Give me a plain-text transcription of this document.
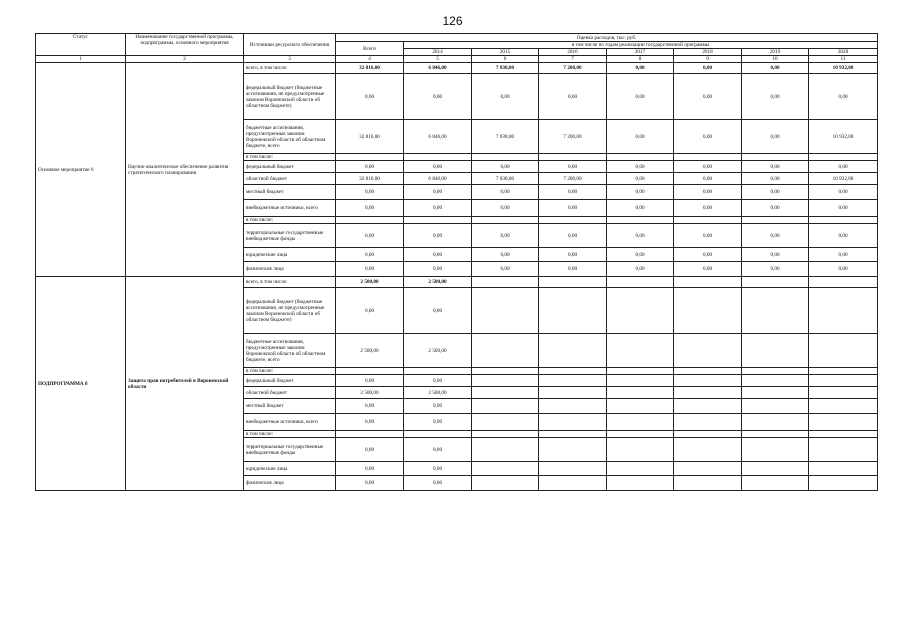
126
Статус	Наименование государственной программы, подпрограммы, основного мероприятия	Источники ресурсного обеспечения	Оценка расходов, тыс. руб.							
			Всего	в том числе по годам реализации государственной программы						
				2014	2015	2016	2017	2018	2019	2020
1	2	3	4	5	6	7	8	9	10	11
Основное мероприятие 6	Научно-аналитическое обеспечение развития стратегического планирования	всего, в том числе:	32 816,00	6 846,00	7 838,00	7 200,00	0,00	0,00	0,00	10 932,00
		федеральный бюджет (бюджетные ассигнования, не предусмотренные законом Воронежской области об областном бюджете)	0,00	0,00	0,00	0,00	0,00	0,00	0,00	0,00
		бюджетные ассигнования, предусмотренные законом Воронежской области об областном бюджете, всего	32 816,00	6 846,00	7 838,00	7 200,00	0,00	0,00	0,00	10 932,00
		в том числе:								
		федеральный бюджет	0,00	0,00	0,00	0,00	0,00	0,00	0,00	0,00
		областной бюджет	32 816,00	6 846,00	7 838,00	7 200,00	0,00	0,00	0,00	10 932,00
		местный бюджет	0,00	0,00	0,00	0,00	0,00	0,00	0,00	0,00
		внебюджетные источники, всего	0,00	0,00	0,00	0,00	0,00	0,00	0,00	0,00
		в том числе:								
		территориальные государственные внебюджетные фонды	0,00	0,00	0,00	0,00	0,00	0,00	0,00	0,00
		юридические лица	0,00	0,00	0,00	0,00	0,00	0,00	0,00	0,00
		физические лица	0,00	0,00	0,00	0,00	0,00	0,00	0,00	0,00
ПОДПРОГРАММА 8	Защита прав потребителей в Воронежской области	всего, в том числе:	2 500,00	2 500,00						
		федеральный бюджет (бюджетные ассигнования, не предусмотренные законом Воронежской области об областном бюджете)	0,00	0,00						
		бюджетные ассигнования, предусмотренные законом Воронежской области об областном бюджете, всего	2 500,00	2 500,00						
		в том числе:								
		федеральный бюджет	0,00	0,00						
		областной бюджет	2 500,00	2 500,00						
		местный бюджет	0,00	0,00						
		внебюджетные источники, всего	0,00	0,00						
		в том числе:								
		территориальные государственные внебюджетные фонды	0,00	0,00						
		юридические лица	0,00	0,00						
		физические лица	0,00	0,00						
